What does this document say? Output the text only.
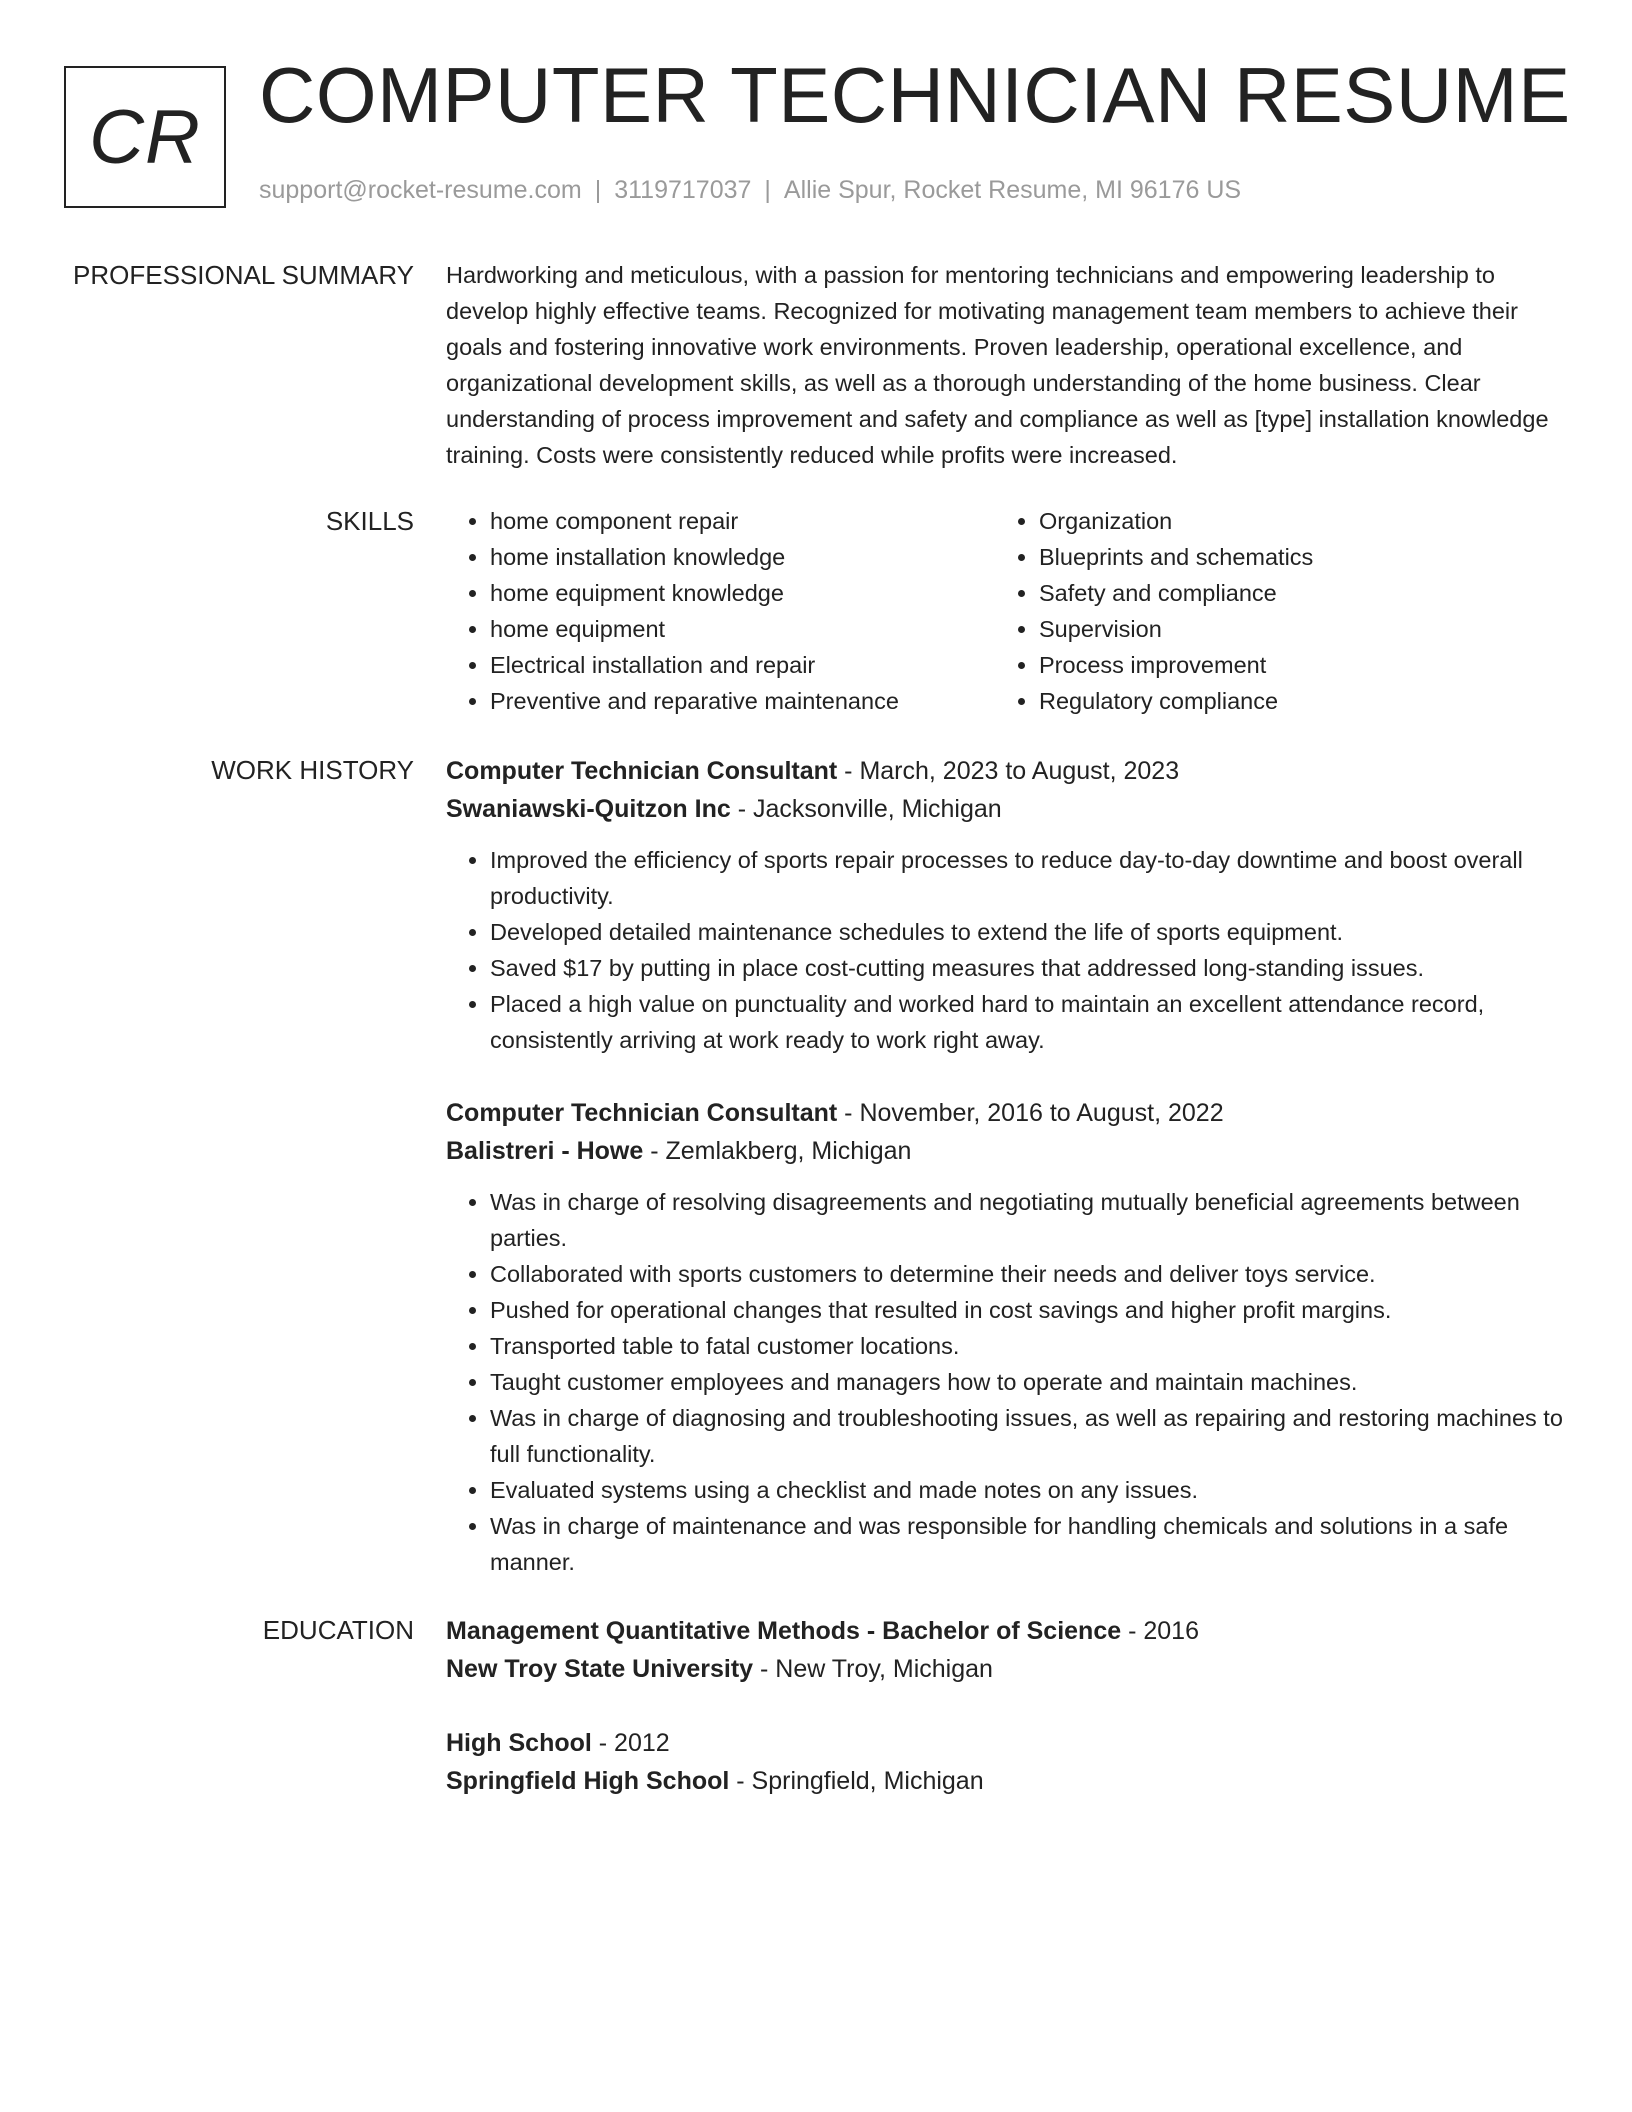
CR COMPUTER TECHNICIAN RESUME
support@rocket-resume.com | 3119717037 | Allie Spur, Rocket Resume, MI 96176 US
PROFESSIONAL SUMMARY Hardworking and meticulous, with a passion for mentoring technicians and empowering leadership to develop highly effective teams. Recognized for motivating management team members to achieve their goals and fostering innovative work environments. Proven leadership, operational excellence, and organizational development skills, as well as a thorough understanding of the home business. Clear understanding of process improvement and safety and compliance as well as [type] installation knowledge training. Costs were consistently reduced while profits were increased.

SKILLS
•	home component repair
• home installation knowledge
• home equipment knowledge
• home equipment
• Electrical installation and repair
• Preventive and reparative maintenance
• Organization
• Blueprints and schematics
• Safety and compliance
• Supervision
• Process improvement
• Regulatory compliance
WORK HISTORY Computer Technician Consultant - March, 2023 to August, 2023
Swaniawski-Quitzon Inc - Jacksonville, Michigan
• Improved the efficiency of sports repair processes to reduce day-to-day downtime and boost overall productivity.
• Developed detailed maintenance schedules to extend the life of sports equipment.
• Saved $17 by putting in place cost-cutting measures that addressed long-standing issues.
• Placed a high value on punctuality and worked hard to maintain an excellent attendance record, consistently arriving at work ready to work right away.
Computer Technician Consultant - November, 2016 to August, 2022
Balistreri - Howe - Zemlakberg, Michigan
• Was in charge of resolving disagreements and negotiating mutually beneficial agreements between parties.
• Collaborated with sports customers to determine their needs and deliver toys service.
• Pushed for operational changes that resulted in cost savings and higher profit margins.
• Transported table to fatal customer locations.
• Taught customer employees and managers how to operate and maintain machines.
• Was in charge of diagnosing and troubleshooting issues, as well as repairing and restoring machines to full functionality.
• Evaluated systems using a checklist and made notes on any issues.
• Was in charge of maintenance and was responsible for handling chemicals and solutions in a safe manner.
EDUCATION Management Quantitative Methods - Bachelor of Science - 2016
New Troy State University - New Troy, Michigan
High School - 2012
Springfield High School - Springfield, Michigan
